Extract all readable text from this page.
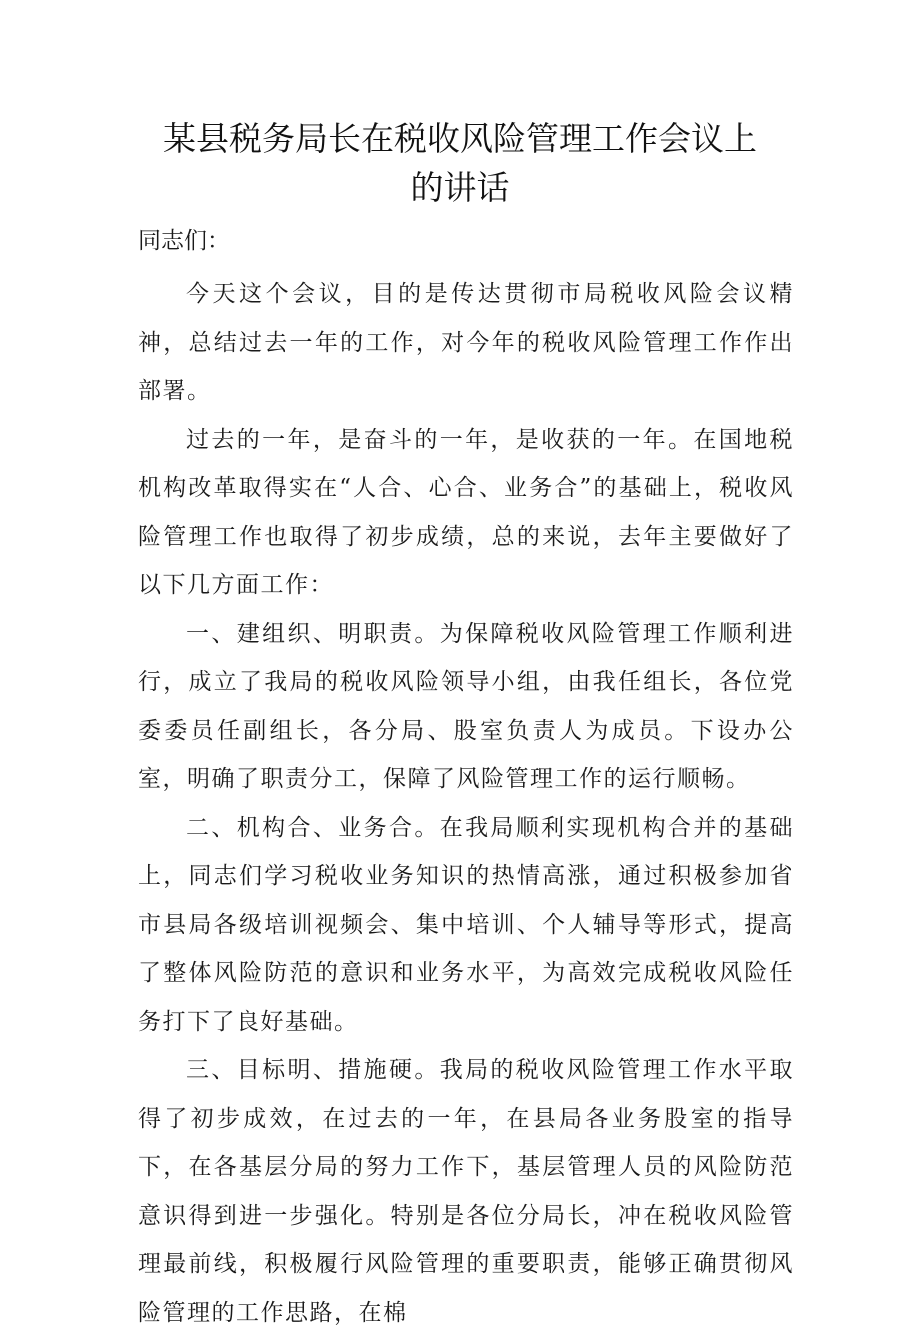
某县税务局长在税收风险管理工作会议上
的讲话
同志们：

今天这个会议，目的是传达贯彻市局税收风险会议精神，总结过去一年的工作，对今年的税收风险管理工作作出部署。

过去的一年，是奋斗的一年，是收获的一年。在国地税机构改革取得实在“人合、心合、业务合”的基础上，税收风险管理工作也取得了初步成绩，总的来说，去年主要做好了以下几方面工作：

一、建组织、明职责。为保障税收风险管理工作顺利进行，成立了我局的税收风险领导小组，由我任组长，各位党委委员任副组长，各分局、股室负责人为成员。下设办公室，明确了职责分工，保障了风险管理工作的运行顺畅。

二、机构合、业务合。在我局顺利实现机构合并的基础上，同志们学习税收业务知识的热情高涨，通过积极参加省市县局各级培训视频会、集中培训、个人辅导等形式，提高了整体风险防范的意识和业务水平，为高效完成税收风险任务打下了良好基础。

三、目标明、措施硬。我局的税收风险管理工作水平取得了初步成效，在过去的一年，在县局各业务股室的指导下，在各基层分局的努力工作下，基层管理人员的风险防范意识得到进一步强化。特别是各位分局长，冲在税收风险管理最前线，积极履行风险管理的重要职责，能够正确贯彻风险管理的工作思路，在棉
